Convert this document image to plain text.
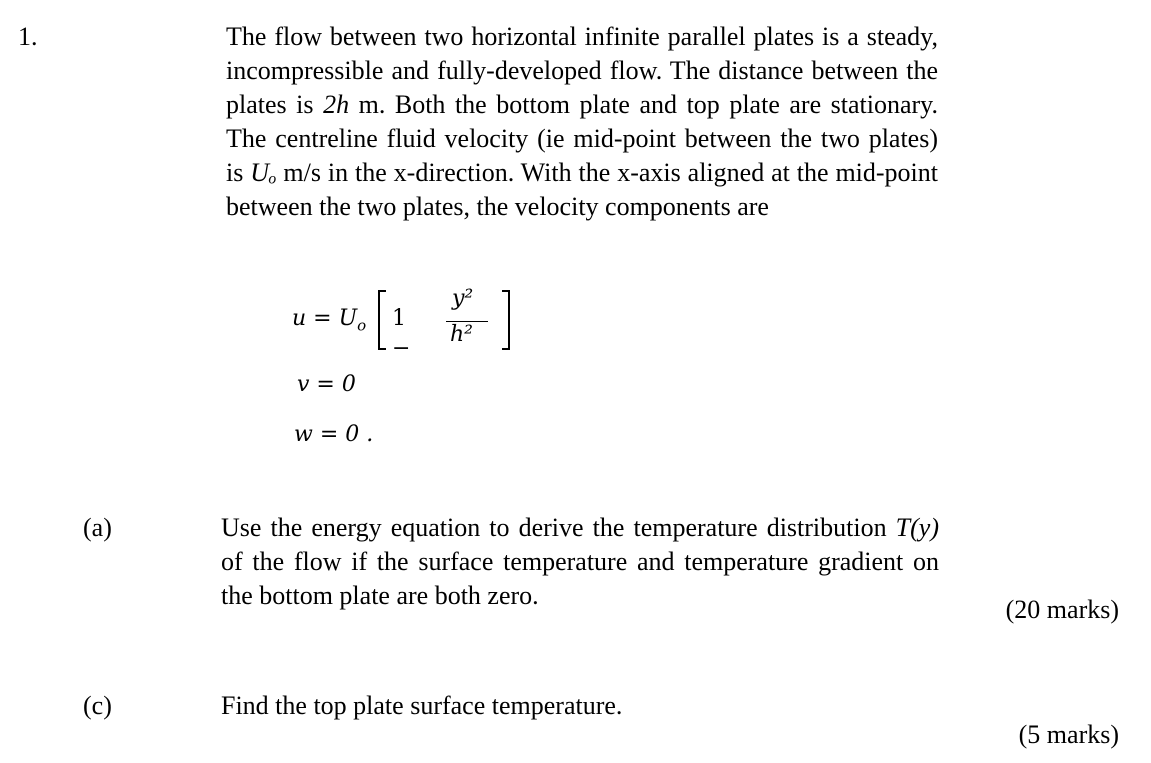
1.	The flow between two horizontal infinite parallel plates is a steady, incompressible and fully-developed flow. The distance between the plates is 2h m. Both the bottom plate and top plate are stationary. The centreline fluid velocity (ie mid-point between the two plates) is Uₒ m/s in the x-direction. With the x-axis aligned at the mid-point between the two plates, the velocity components are
$u = U_o$ 1 −
y²
h²
v = 0
w = 0 .
(a)	Use the energy equation to derive the temperature distribution T(y) of the flow if the surface temperature and temperature gradient on the bottom plate are both zero.	(20 marks)
(c)	Find the top plate surface temperature.
(5 marks)
